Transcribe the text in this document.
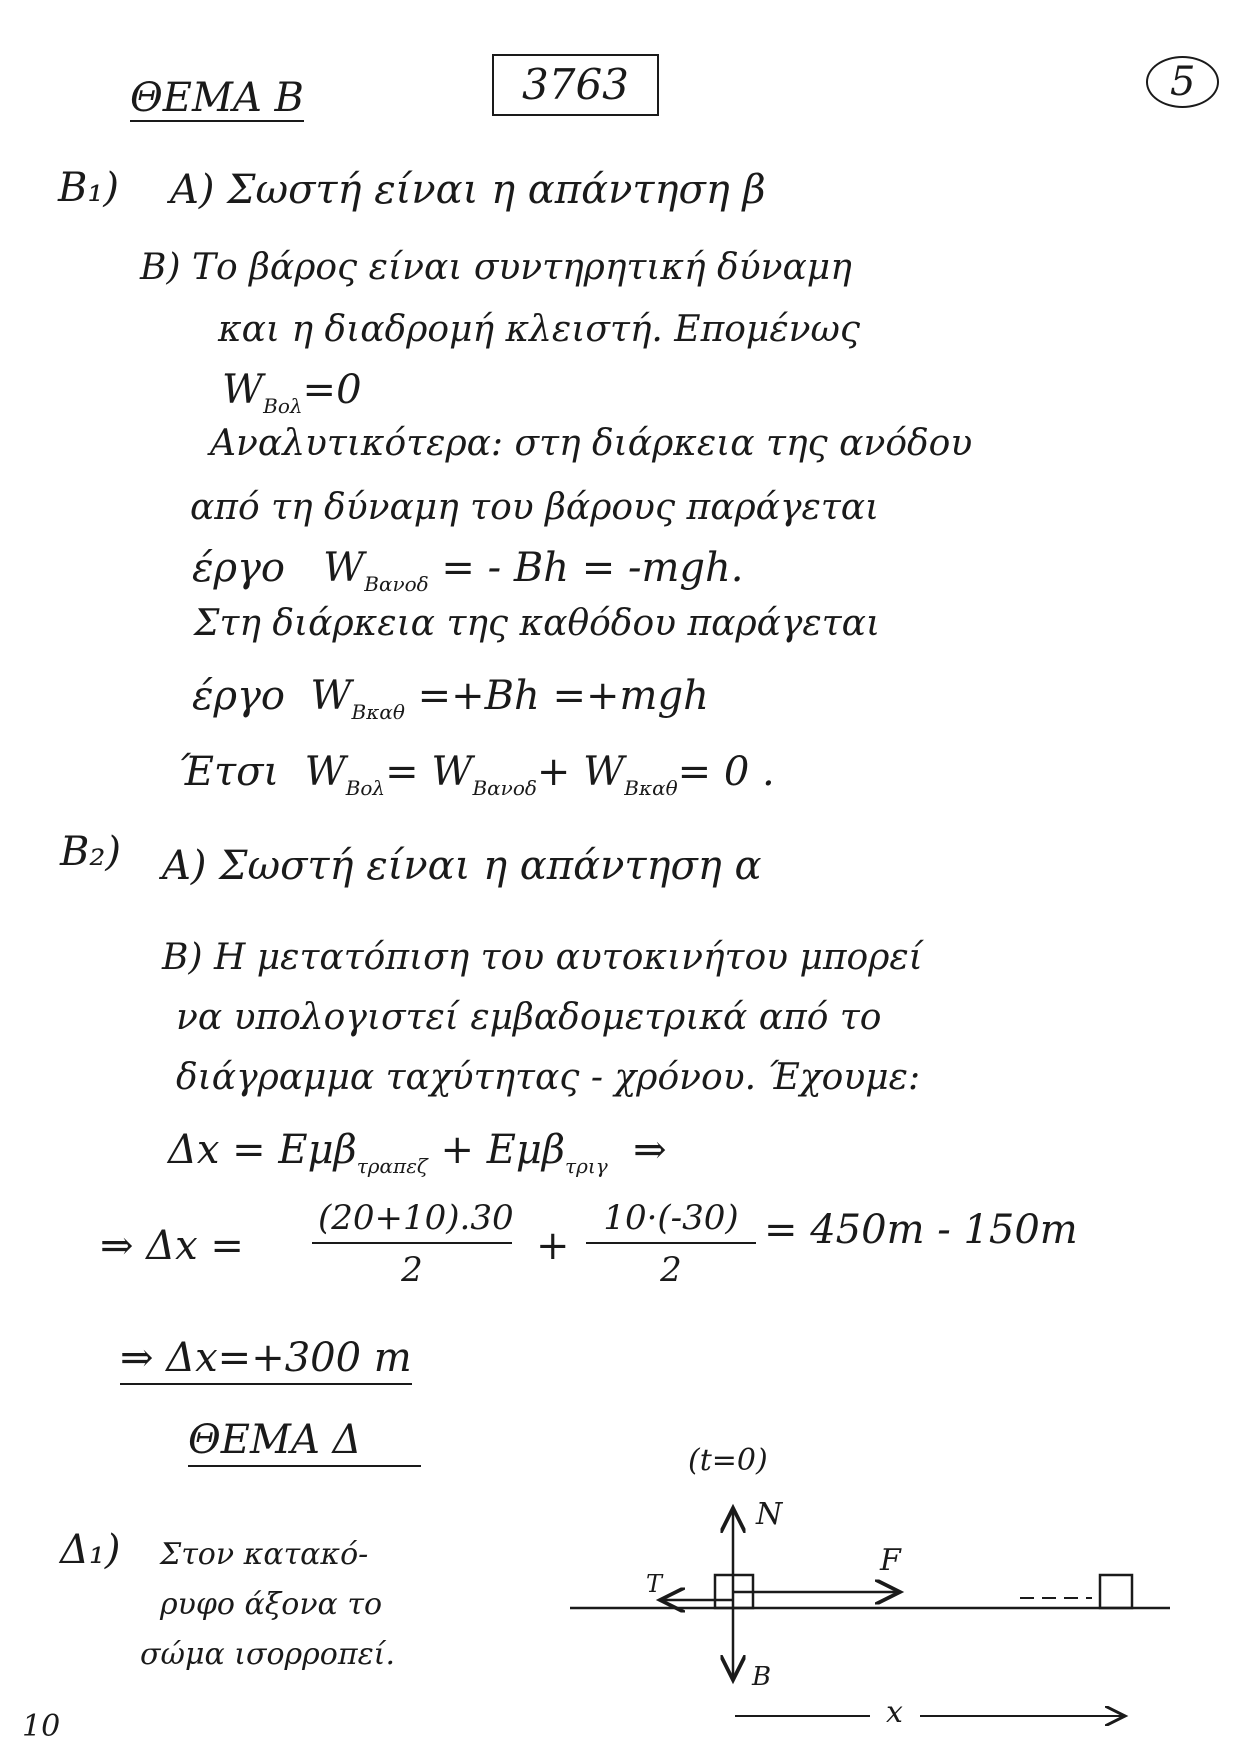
ΘΕΜΑ Β	3763	5
B₁) A) Σωστή είναι η απάντηση β
B) Το βάρος είναι συντηρητική δύναμη
και η διαδρομή κλειστή. Επομένως
$W_{Bo\lambda}=0$
Αναλυτικότερα: στη διάρκεια της ανόδου
από τη δύναμη του βάρους παράγεται
έργο $W_{B\alpha\nu o\delta}$ = - Βh = -mgh.
Στη διάρκεια της καθόδου παράγεται
έργο $W_{B\kappa\alpha\theta} =+Bh =+mgh$
Έτσι $W_{Bo\lambda}= W_{B\alpha\nu o\delta}+ W_{B\kappa\alpha\theta}= 0$ .
B₂) A) Σωστή είναι η απάντηση α
B) Η μετατόπιση του αυτοκινήτου μπορεί
να υπολογιστεί εμβαδομετρικά από το
διάγραμμα ταχύτητας - χρόνου. Έχουμε:
Δx = Εμβ$_{\tau\rho\alpha\pi\varepsilon\zeta}$ + Εμβ$_{\tau\rho\iota\gamma}$ ⇒
⇒ $\Delta x = \frac{(20+10).30}{2} + \frac{10\cdot(-30)}{2} = 450m - 150m$
⇒ Δx=+300 m
ΘΕΜΑ Δ
Δ₁) Στον κατακό-
ρυφο άξονα το
σώμα ισορροπεί.
(t=0)
N
F
T
B
x
10
